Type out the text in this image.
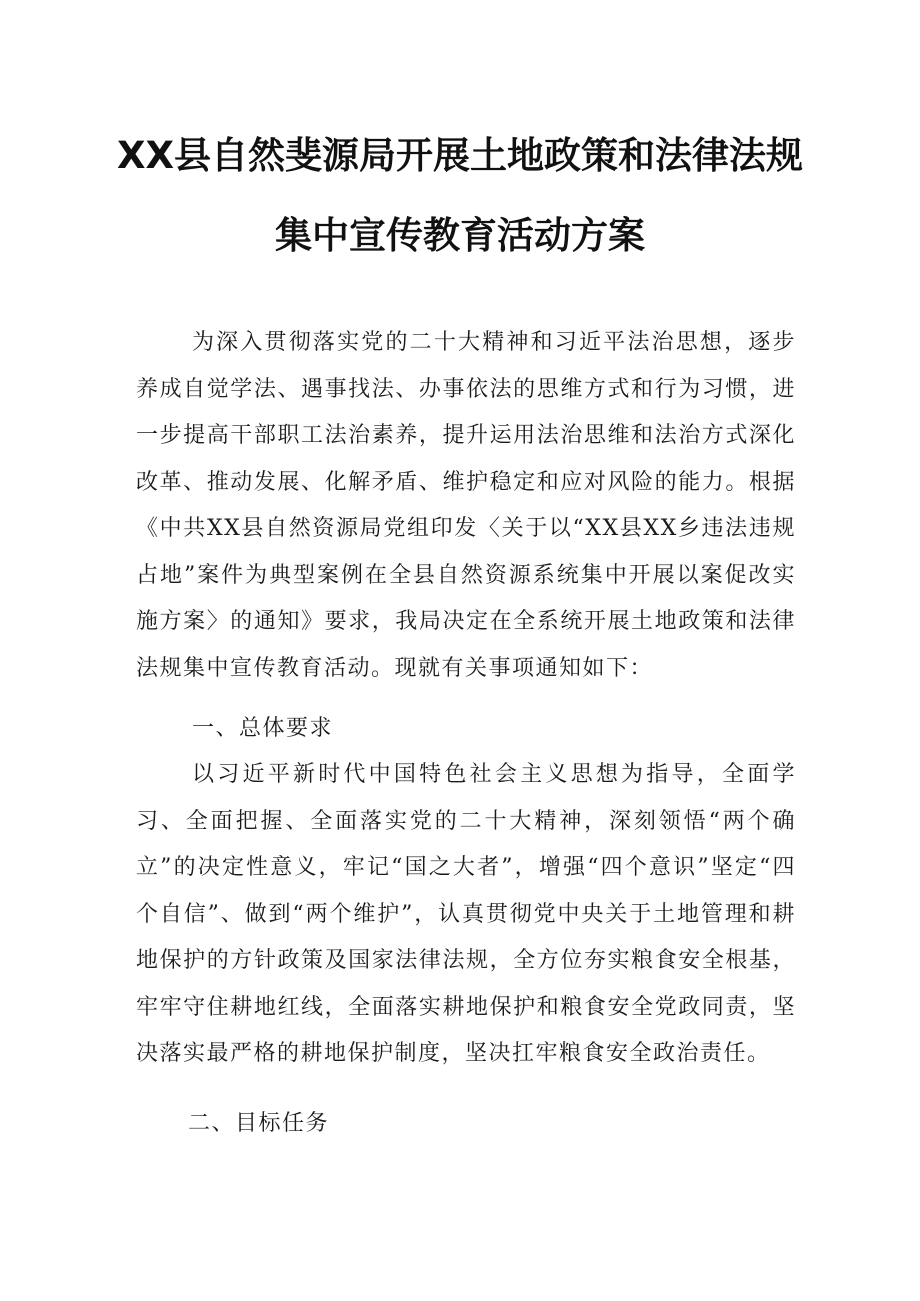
XX县自然斐源局开展土地政策和法律法规
集中宣传教育活动方案

为深入贯彻落实党的二十大精神和习近平法治思想，逐步养成自觉学法、遇事找法、办事依法的思维方式和行为习惯，进一步提高干部职工法治素养，提升运用法治思维和法治方式深化改革、推动发展、化解矛盾、维护稳定和应对风险的能力。根据《中共XX县自然资源局党组印发〈关于以“XX县XX乡违法违规占地”案件为典型案例在全县自然资源系统集中开展以案促改实施方案〉的通知》要求，我局决定在全系统开展土地政策和法律法规集中宣传教育活动。现就有关事项通知如下：

一、总体要求

以习近平新时代中国特色社会主义思想为指导，全面学习、全面把握、全面落实党的二十大精神，深刻领悟“两个确立”的决定性意义，牢记“国之大者”，增强“四个意识”坚定“四个自信”、做到“两个维护”，认真贯彻党中央关于土地管理和耕地保护的方针政策及国家法律法规，全方位夯实粮食安全根基，牢牢守住耕地红线，全面落实耕地保护和粮食安全党政同责，坚决落实最严格的耕地保护制度，坚决扛牢粮食安全政治责任。

二、目标任务
